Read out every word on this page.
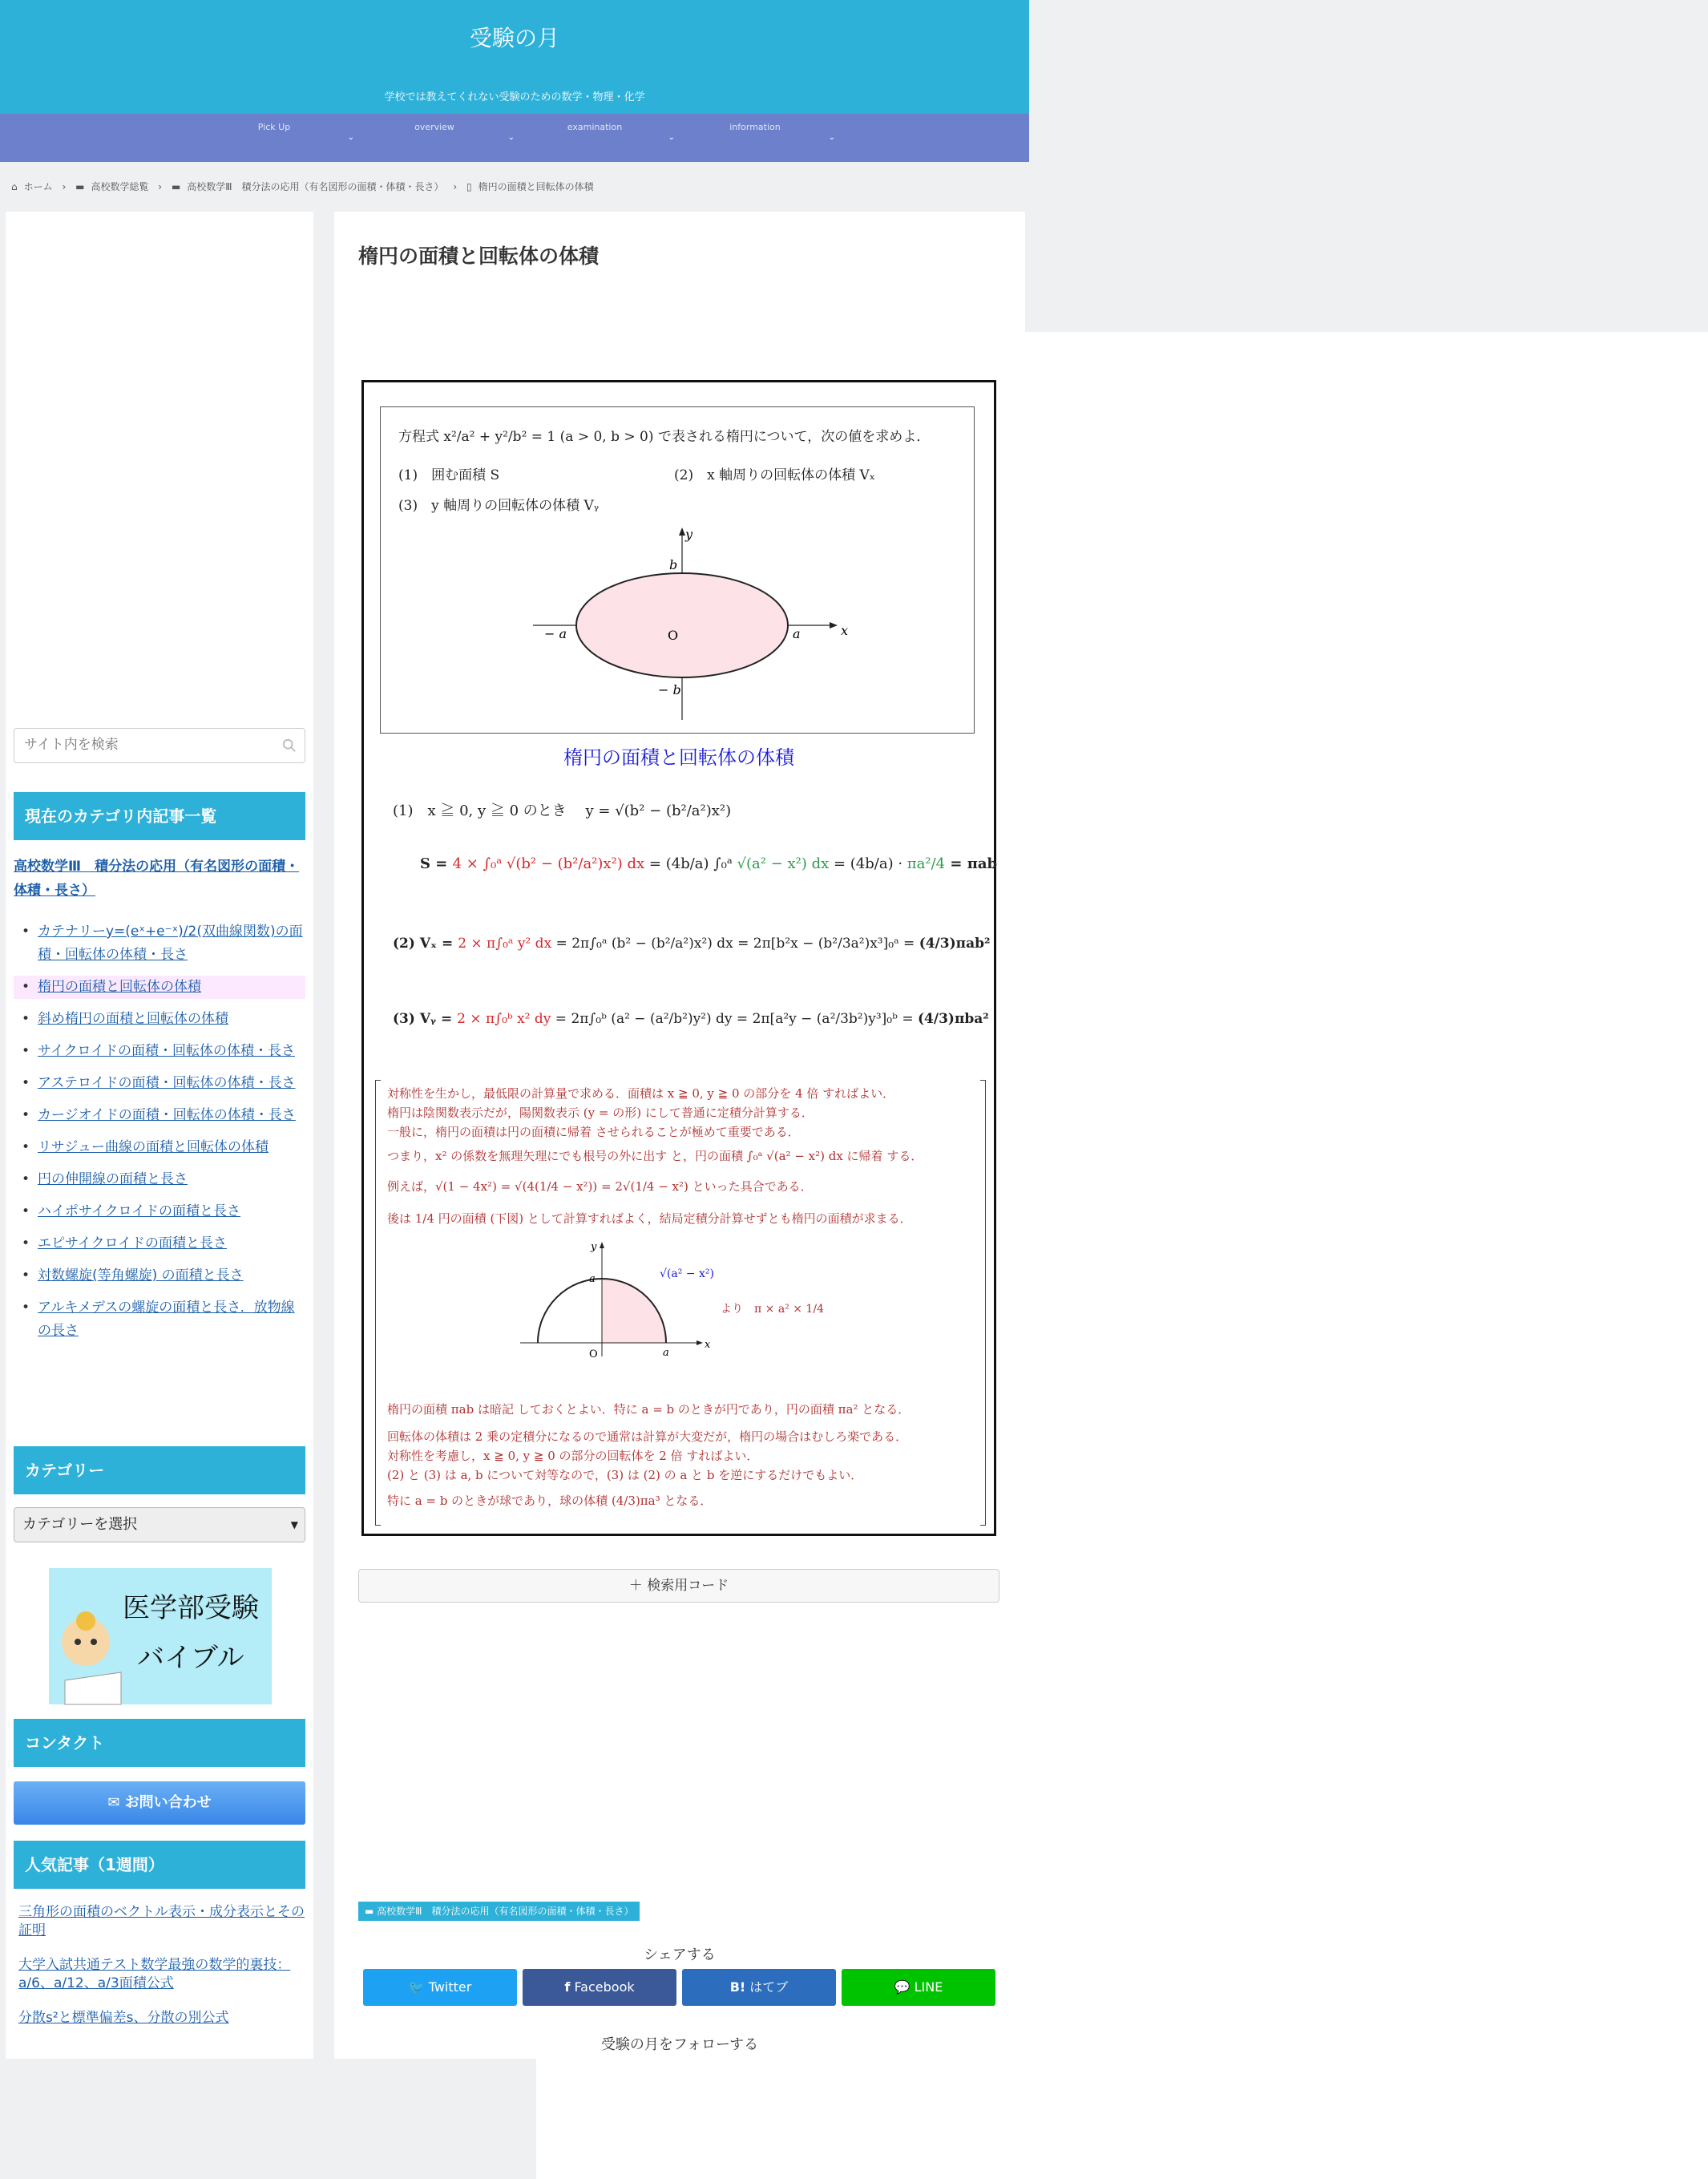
受験の月
学校では教えてくれない受験のための数学・物理・化学
Pick Up
⌄
overview
⌄
examination
⌄
サイト情報
information
⌄
⌂ ホーム › ▬ 高校数学総覧 › ▬ 高校数学Ⅲ　積分法の応用（有名図形の面積・体積・長さ） › ▯ 楕円の面積と回転体の体積
サイト内を検索
現在のカテゴリ内記事一覧
高校数学Ⅲ　積分法の応用（有名図形の面積・体積・長さ）
• カテナリーy=(eˣ+e⁻ˣ)/2(双曲線関数)の面積・回転体の体積・長さ
• 楕円の面積と回転体の体積
• 斜め楕円の面積と回転体の体積
• サイクロイドの面積・回転体の体積・長さ
• アステロイドの面積・回転体の体積・長さ
• カージオイドの面積・回転体の体積・長さ
• リサジュー曲線の面積と回転体の体積
• 円の伸開線の面積と長さ
• ハイポサイクロイドの面積と長さ
• エピサイクロイドの面積と長さ
• 対数螺旋(等角螺旋) の面積と長さ
• アルキメデスの螺旋の面積と長さ．放物線の長さ
カテゴリー
カテゴリーを選択	▼
医学部受験
バイブル
コンタクト
✉ お問い合わせ
人気記事（1週間）
三角形の面積のベクトル表示・成分表示とその証明
大学入試共通テスト数学最強の数学的裏技：a/6、a/12、a/3面積公式
分散s²と標準偏差s、分散の別公式
楕円の面積と回転体の体積
方程式 x²/a² + y²/b² = 1 (a > 0, b > 0) で表される楕円について，次の値を求めよ．
(1)　囲む面積 S	(2)　x 軸周りの回転体の体積 Vₓ
(3)　y 軸周りの回転体の体積 Vᵧ
y
x
b
− b
a
− a	O
楕円の面積と回転体の体積
(1)　x ≧ 0, y ≧ 0 のとき　 y = √(b² − (b²/a²)x²)
S = 4 × ∫₀ᵃ √(b² − (b²/a²)x²) dx = (4b/a) ∫₀ᵃ √(a² − x²) dx = (4b/a) · πa²/4 = πab
(2) Vₓ = 2 × π∫₀ᵃ y² dx = 2π∫₀ᵃ (b² − (b²/a²)x²) dx = 2π[b²x − (b²/3a²)x³]₀ᵃ = (4/3)πab²
(3) Vᵧ = 2 × π∫₀ᵇ x² dy = 2π∫₀ᵇ (a² − (a²/b²)y²) dy = 2π[a²y − (a²/3b²)y³]₀ᵇ = (4/3)πba²
対称性を生かし，最低限の計算量で求める．面積は x ≧ 0, y ≧ 0 の部分を 4 倍 すればよい．
楕円は陰関数表示だが，陽関数表示 (y = の形) にして普通に定積分計算する．
一般に，楕円の面積は円の面積に帰着 させられることが極めて重要である．
つまり，x² の係数を無理矢理にでも根号の外に出す と，円の面積 ∫₀ᵃ √(a² − x²) dx に帰着 する．
例えば，√(1 − 4x²) = √(4(1/4 − x²)) = 2√(1/4 − x²) といった具合である．
後は 1/4 円の面積 (下図) として計算すればよく，結局定積分計算せずとも楕円の面積が求まる．
√(a² − x²)
より　π × a² × 1/4
a
a
O
x
y
楕円の面積 πab は暗記 しておくとよい．特に a = b のときが円であり，円の面積 πa² となる．
回転体の体積は 2 乗の定積分になるので通常は計算が大変だが，楕円の場合はむしろ楽である．
対称性を考慮し，x ≧ 0, y ≧ 0 の部分の回転体を 2 倍 すればよい．
(2) と (3) は a, b について対等なので，(3) は (2) の a と b を逆にするだけでもよい．
特に a = b のときが球であり，球の体積 (4/3)πa³ となる．
＋ 検索用コード
▬ 高校数学Ⅲ　積分法の応用（有名図形の面積・体積・長さ）
シェアする
🐦 Twitter	f Facebook	B! はてブ	💬 LINE
受験の月をフォローする
